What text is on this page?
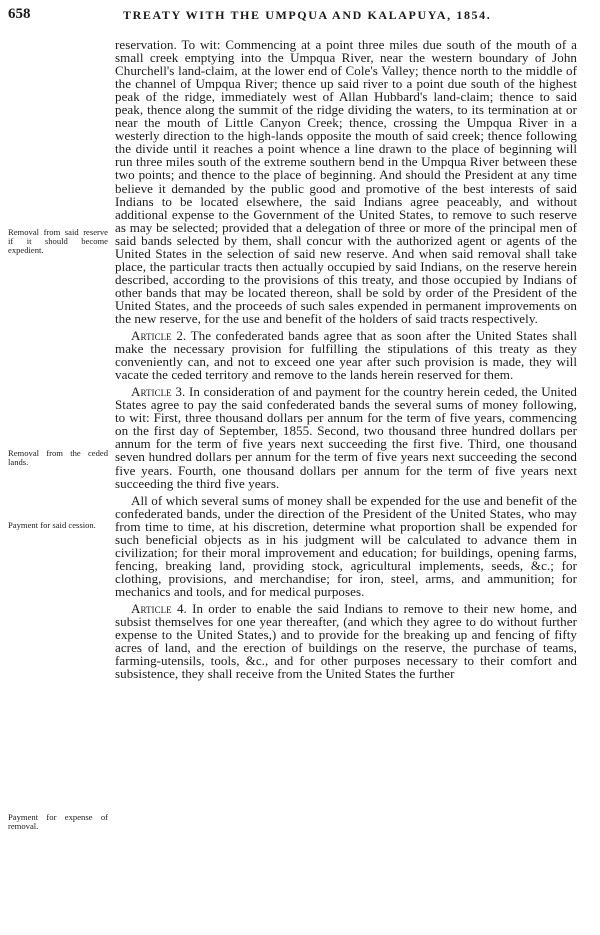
658	TREATY WITH THE UMPQUA AND KALAPUYA, 1854.
Removal from said reserve if it should become expedient.
Removal from the ceded lands.
Payment for said cession.
Payment for expense of removal.

reservation. To wit: Commencing at a point three miles due south of the mouth of a small creek emptying into the Umpqua River, near the western boundary of John Churchell's land-claim, at the lower end of Cole's Valley; thence north to the middle of the channel of Umpqua River; thence up said river to a point due south of the highest peak of the ridge, immediately west of Allan Hubbard's land-claim; thence to said peak, thence along the summit of the ridge dividing the waters, to its termination at or near the mouth of Little Canyon Creek; thence, crossing the Umpqua River in a westerly direction to the high-lands opposite the mouth of said creek; thence following the divide until it reaches a point whence a line drawn to the place of beginning will run three miles south of the extreme southern bend in the Umpqua River between these two points; and thence to the place of beginning. And should the President at any time believe it demanded by the public good and promotive of the best interests of said Indians to be located elsewhere, the said Indians agree peaceably, and without additional expense to the Government of the United States, to remove to such reserve as may be selected; provided that a delegation of three or more of the principal men of said bands selected by them, shall concur with the authorized agent or agents of the United States in the selection of said new reserve. And when said removal shall take place, the particular tracts then actually occupied by said Indians, on the reserve herein described, according to the provisions of this treaty, and those occupied by Indians of other bands that may be located thereon, shall be sold by order of the President of the United States, and the proceeds of such sales expended in permanent improvements on the new reserve, for the use and benefit of the holders of said tracts respectively.

Article 2. The confederated bands agree that as soon after the United States shall make the necessary provision for fulfilling the stipulations of this treaty as they conveniently can, and not to exceed one year after such provision is made, they will vacate the ceded territory and remove to the lands herein reserved for them.

Article 3. In consideration of and payment for the country herein ceded, the United States agree to pay the said confederated bands the several sums of money following, to wit: First, three thousand dollars per annum for the term of five years, commencing on the first day of September, 1855. Second, two thousand three hundred dollars per annum for the term of five years next succeeding the first five. Third, one thousand seven hundred dollars per annum for the term of five years next succeeding the second five years. Fourth, one thousand dollars per annum for the term of five years next succeeding the third five years.

All of which several sums of money shall be expended for the use and benefit of the confederated bands, under the direction of the President of the United States, who may from time to time, at his discretion, determine what proportion shall be expended for such beneficial objects as in his judgment will be calculated to advance them in civilization; for their moral improvement and education; for buildings, opening farms, fencing, breaking land, providing stock, agricultural implements, seeds, &c.; for clothing, provisions, and merchandise; for iron, steel, arms, and ammunition; for mechanics and tools, and for medical purposes.

Article 4. In order to enable the said Indians to remove to their new home, and subsist themselves for one year thereafter, (and which they agree to do without further expense to the United States,) and to provide for the breaking up and fencing of fifty acres of land, and the erection of buildings on the reserve, the purchase of teams, farming-utensils, tools, &c., and for other purposes necessary to their comfort and subsistence, they shall receive from the United States the further
